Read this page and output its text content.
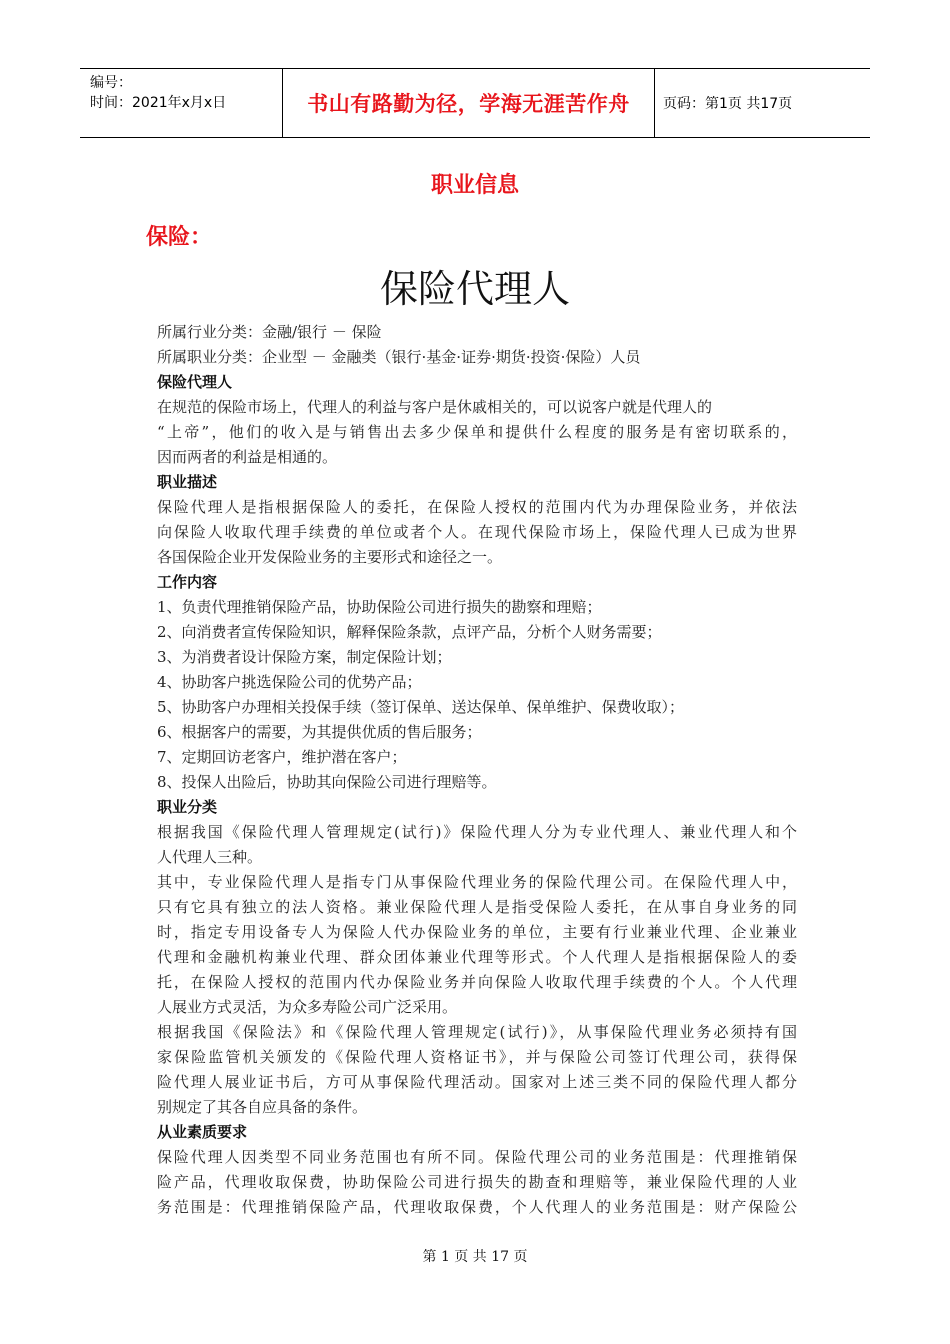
编号：
时间：2021年x月x日	书山有路勤为径，学海无涯苦作舟	页码：第1页 共17页
职业信息
保险：
保险代理人
所属行业分类：金融/银行 － 保险
所属职业分类：企业型 － 金融类（银行·基金·证券·期货·投资·保险）人员
保险代理人
在规范的保险市场上，代理人的利益与客户是休戚相关的，可以说客户就是代理人的
“上帝”，他们的收入是与销售出去多少保单和提供什么程度的服务是有密切联系的，
因而两者的利益是相通的。
职业描述
保险代理人是指根据保险人的委托，在保险人授权的范围内代为办理保险业务，并依法
向保险人收取代理手续费的单位或者个人。在现代保险市场上，保险代理人已成为世界
各国保险企业开发保险业务的主要形式和途径之一。
工作内容
1、负责代理推销保险产品，协助保险公司进行损失的勘察和理赔；
2、向消费者宣传保险知识，解释保险条款，点评产品，分析个人财务需要；
3、为消费者设计保险方案，制定保险计划；
4、协助客户挑选保险公司的优势产品；
5、协助客户办理相关投保手续（签订保单、送达保单、保单维护、保费收取）；
6、根据客户的需要，为其提供优质的售后服务；
7、定期回访老客户，维护潜在客户；
8、投保人出险后，协助其向保险公司进行理赔等。
职业分类
根据我国《保险代理人管理规定(试行)》保险代理人分为专业代理人、兼业代理人和个
人代理人三种。
其中，专业保险代理人是指专门从事保险代理业务的保险代理公司。在保险代理人中，
只有它具有独立的法人资格。兼业保险代理人是指受保险人委托，在从事自身业务的同
时，指定专用设备专人为保险人代办保险业务的单位，主要有行业兼业代理、企业兼业
代理和金融机构兼业代理、群众团体兼业代理等形式。个人代理人是指根据保险人的委
托，在保险人授权的范围内代办保险业务并向保险人收取代理手续费的个人。个人代理
人展业方式灵活，为众多寿险公司广泛采用。
根据我国《保险法》和《保险代理人管理规定(试行)》，从事保险代理业务必须持有国
家保险监管机关颁发的《保险代理人资格证书》，并与保险公司签订代理公司，获得保
险代理人展业证书后，方可从事保险代理活动。国家对上述三类不同的保险代理人都分
别规定了其各自应具备的条件。
从业素质要求
保险代理人因类型不同业务范围也有所不同。保险代理公司的业务范围是：代理推销保
险产品，代理收取保费，协助保险公司进行损失的勘查和理赔等，兼业保险代理的人业
务范围是：代理推销保险产品，代理收取保费，个人代理人的业务范围是：财产保险公
第 1 页 共 17 页
